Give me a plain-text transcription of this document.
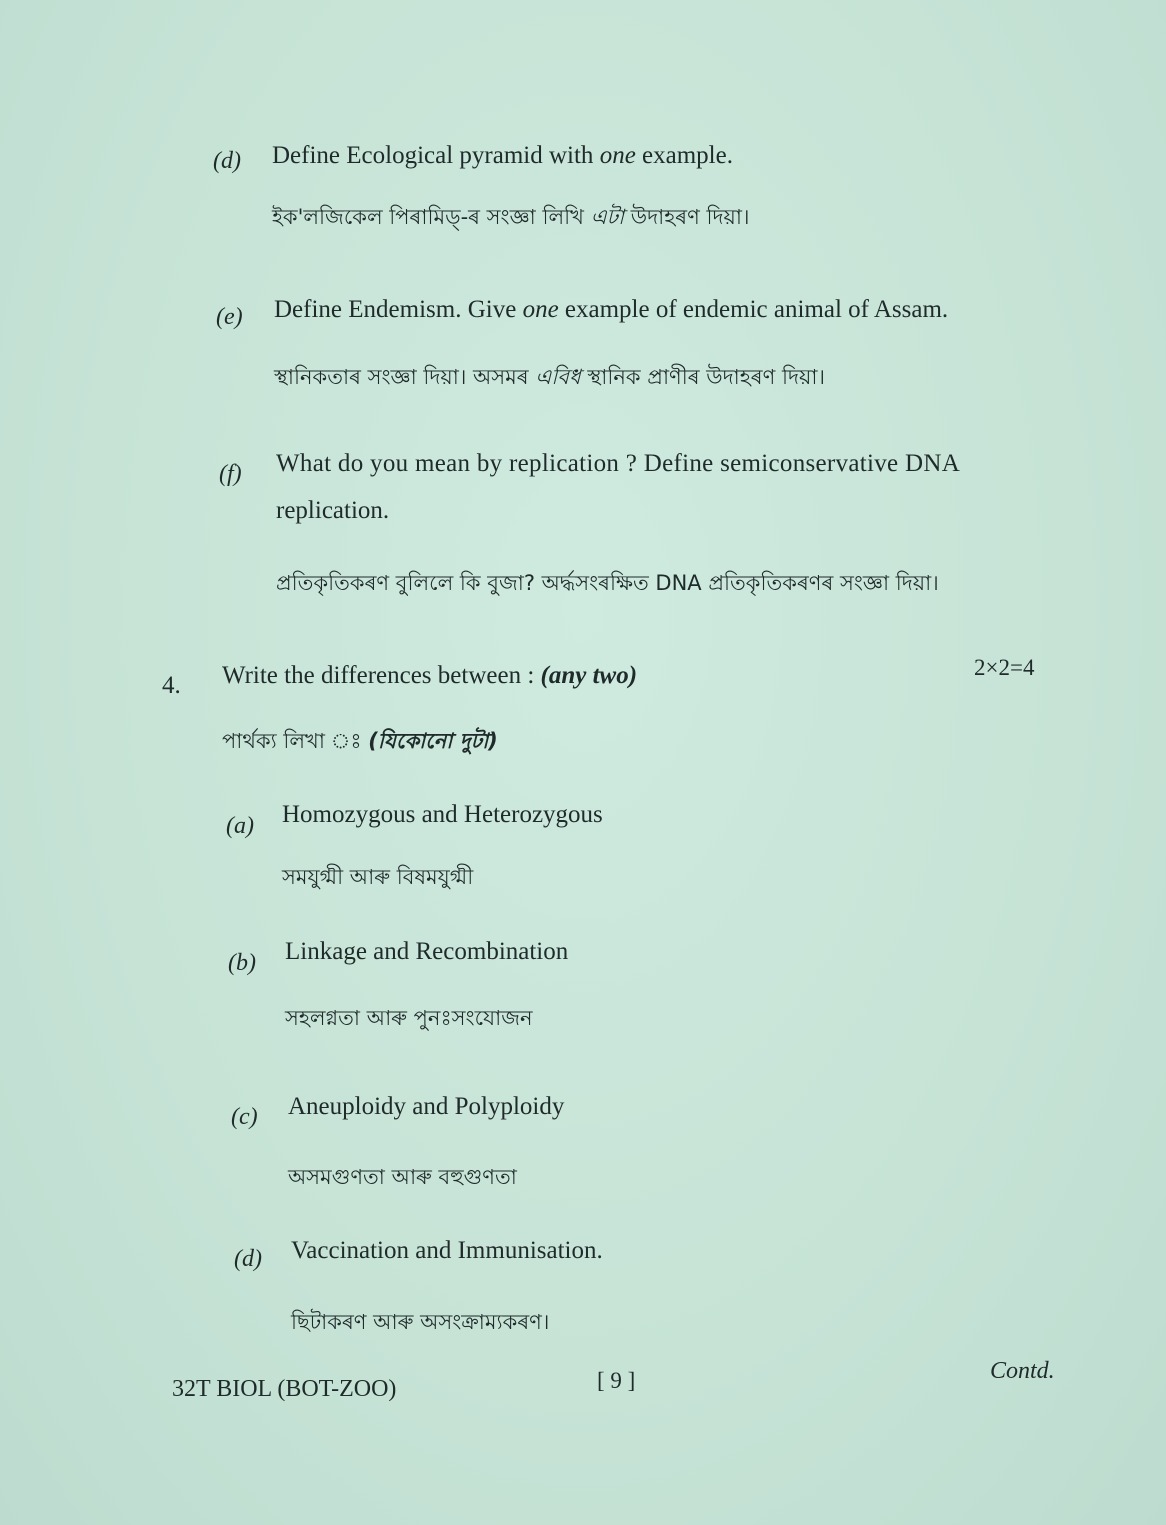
(d) Define Ecological pyramid with one example.
ইক'লজিকেল পিৰামিড্-ৰ সংজ্ঞা লিখি এটা উদাহৰণ দিয়া।
(e) Define Endemism. Give one example of endemic animal of Assam.
স্থানিকতাৰ সংজ্ঞা দিয়া। অসমৰ এবিধ স্থানিক প্ৰাণীৰ উদাহৰণ দিয়া।
(f) What do you mean by replication ? Define semiconservative DNA
replication.
প্ৰতিকৃতিকৰণ বুলিলে কি বুজা? অৰ্দ্ধসংৰক্ষিত DNA প্ৰতিকৃতিকৰণৰ সংজ্ঞা দিয়া।
4. Write the differences between : (any two)	2×2=4
পাৰ্থক্য লিখা ঃ (যিকোনো দুটা)
(a) Homozygous and Heterozygous
সমযুগ্মী আৰু বিষমযুগ্মী
(b) Linkage and Recombination
সহলগ্নতা আৰু পুনঃসংযোজন
(c) Aneuploidy and Polyploidy
অসমগুণতা আৰু বহুগুণতা
(d) Vaccination and Immunisation.
ছিটাকৰণ আৰু অসংক্ৰাম্যকৰণ।
32T BIOL (BOT-ZOO)	[ 9 ]	Contd.
